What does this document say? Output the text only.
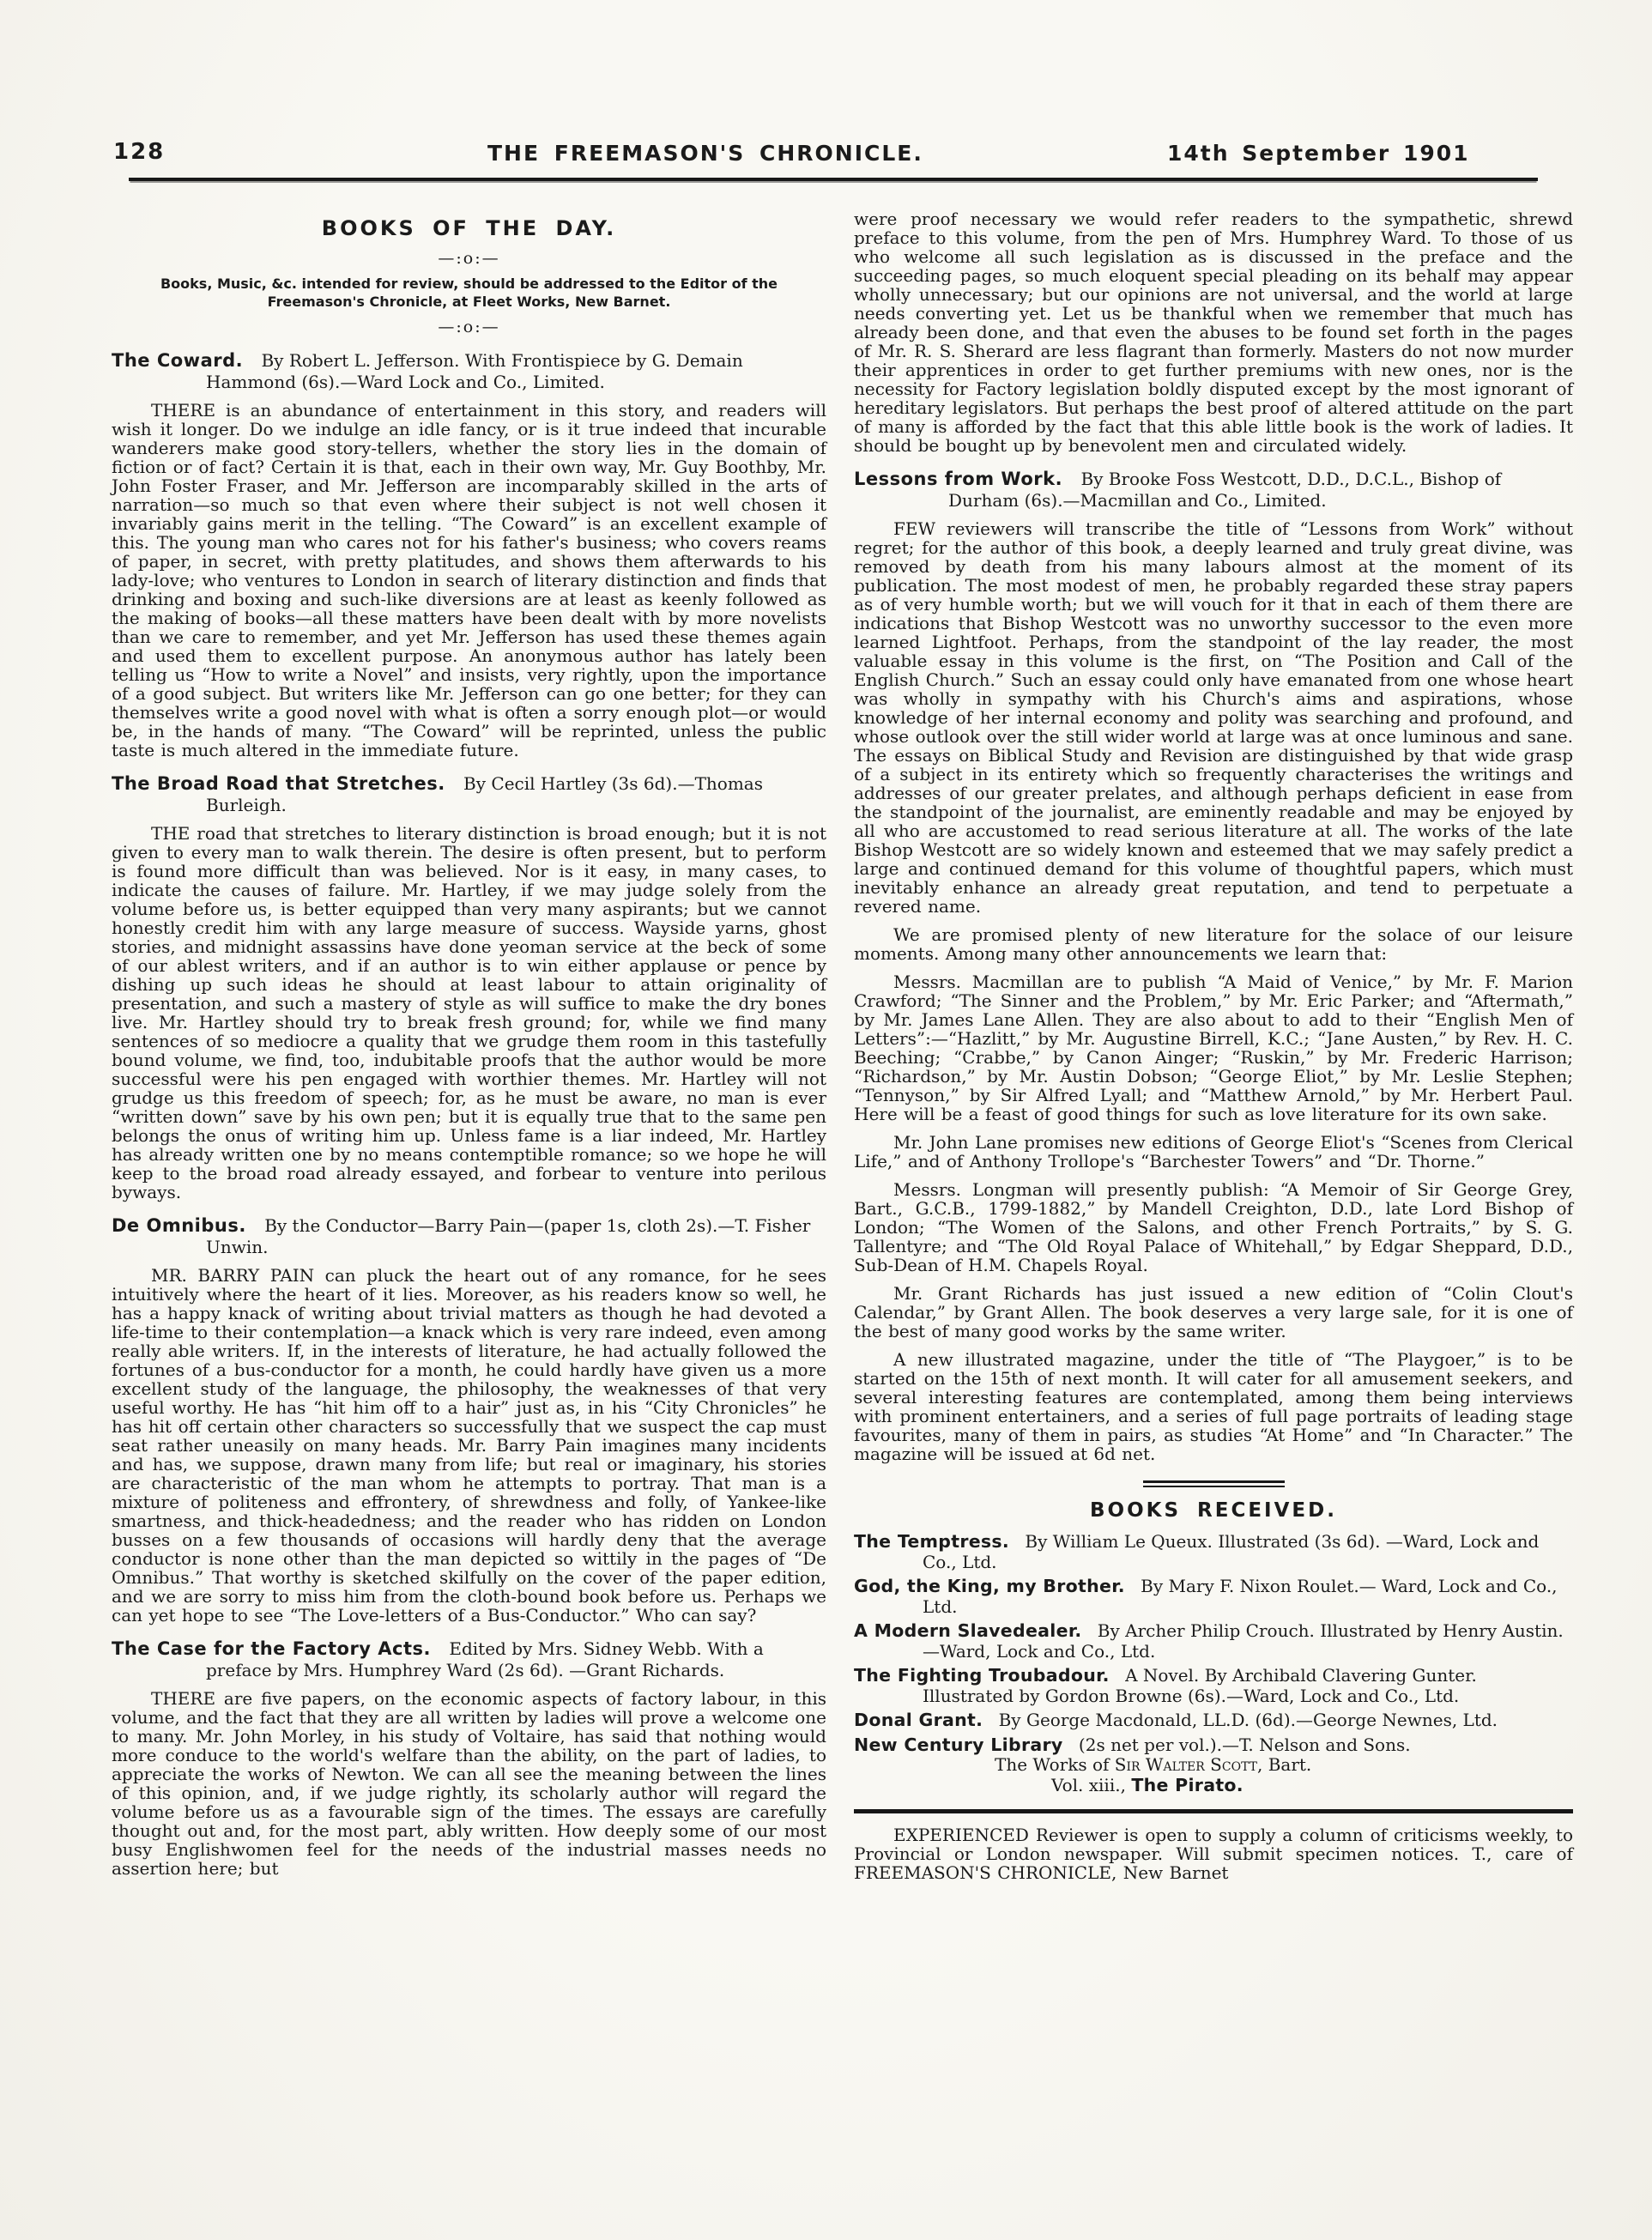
128	THE FREEMASON'S CHRONICLE.	14th September 1901
BOOKS OF THE DAY.
—:o:—
Books, Music, &c. intended for review, should be addressed to the Editor of the
Freemason's Chronicle, at Fleet Works, New Barnet.
—:o:—

The Coward. By Robert L. Jefferson. With Frontispiece by G. Demain Hammond (6s).—Ward Lock and Co., Limited.

THERE is an abundance of entertainment in this story, and readers will wish it longer. Do we indulge an idle fancy, or is it true indeed that incurable wanderers make good story-tellers, whether the story lies in the domain of fiction or of fact? Certain it is that, each in their own way, Mr. Guy Boothby, Mr. John Foster Fraser, and Mr. Jefferson are incomparably skilled in the arts of narration—so much so that even where their subject is not well chosen it invariably gains merit in the telling. “The Coward” is an excellent example of this. The young man who cares not for his father's business; who covers reams of paper, in secret, with pretty platitudes, and shows them afterwards to his lady-love; who ventures to London in search of literary distinction and finds that drinking and boxing and such-like diversions are at least as keenly followed as the making of books—all these matters have been dealt with by more novelists than we care to remember, and yet Mr. Jefferson has used these themes again and used them to excellent purpose. An anonymous author has lately been telling us “How to write a Novel” and insists, very rightly, upon the importance of a good subject. But writers like Mr. Jefferson can go one better; for they can themselves write a good novel with what is often a sorry enough plot—or would be, in the hands of many. “The Coward” will be reprinted, unless the public taste is much altered in the immediate future.

The Broad Road that Stretches. By Cecil Hartley (3s 6d).—Thomas Burleigh.

THE road that stretches to literary distinction is broad enough; but it is not given to every man to walk therein. The desire is often present, but to perform is found more difficult than was believed. Nor is it easy, in many cases, to indicate the causes of failure. Mr. Hartley, if we may judge solely from the volume before us, is better equipped than very many aspirants; but we cannot honestly credit him with any large measure of success. Wayside yarns, ghost stories, and midnight assassins have done yeoman service at the beck of some of our ablest writers, and if an author is to win either applause or pence by dishing up such ideas he should at least labour to attain originality of presentation, and such a mastery of style as will suffice to make the dry bones live. Mr. Hartley should try to break fresh ground; for, while we find many sentences of so mediocre a quality that we grudge them room in this tastefully bound volume, we find, too, indubitable proofs that the author would be more successful were his pen engaged with worthier themes. Mr. Hartley will not grudge us this freedom of speech; for, as he must be aware, no man is ever “written down” save by his own pen; but it is equally true that to the same pen belongs the onus of writing him up. Unless fame is a liar indeed, Mr. Hartley has already written one by no means contemptible romance; so we hope he will keep to the broad road already essayed, and forbear to venture into perilous byways.

De Omnibus. By the Conductor—Barry Pain—(paper 1s, cloth 2s).—T. Fisher Unwin.

MR. BARRY PAIN can pluck the heart out of any romance, for he sees intuitively where the heart of it lies. Moreover, as his readers know so well, he has a happy knack of writing about trivial matters as though he had devoted a life-time to their contemplation—a knack which is very rare indeed, even among really able writers. If, in the interests of literature, he had actually followed the fortunes of a bus-conductor for a month, he could hardly have given us a more excellent study of the language, the philosophy, the weaknesses of that very useful worthy. He has “hit him off to a hair” just as, in his “City Chronicles” he has hit off certain other characters so successfully that we suspect the cap must seat rather uneasily on many heads. Mr. Barry Pain imagines many incidents and has, we suppose, drawn many from life; but real or imaginary, his stories are characteristic of the man whom he attempts to portray. That man is a mixture of politeness and effrontery, of shrewdness and folly, of Yankee-like smartness, and thick-headedness; and the reader who has ridden on London busses on a few thousands of occasions will hardly deny that the average conductor is none other than the man depicted so wittily in the pages of “De Omnibus.” That worthy is sketched skilfully on the cover of the paper edition, and we are sorry to miss him from the cloth-bound book before us. Perhaps we can yet hope to see “The Love-letters of a Bus-Conductor.” Who can say?

The Case for the Factory Acts. Edited by Mrs. Sidney Webb. With a preface by Mrs. Humphrey Ward (2s 6d). —Grant Richards.

THERE are five papers, on the economic aspects of factory labour, in this volume, and the fact that they are all written by ladies will prove a welcome one to many. Mr. John Morley, in his study of Voltaire, has said that nothing would more conduce to the world's welfare than the ability, on the part of ladies, to appreciate the works of Newton. We can all see the meaning between the lines of this opinion, and, if we judge rightly, its scholarly author will regard the volume before us as a favourable sign of the times. The essays are carefully thought out and, for the most part, ably written. How deeply some of our most busy Englishwomen feel for the needs of the industrial masses needs no assertion here; but

were proof necessary we would refer readers to the sympathetic, shrewd preface to this volume, from the pen of Mrs. Humphrey Ward. To those of us who welcome all such legislation as is discussed in the preface and the succeeding pages, so much eloquent special pleading on its behalf may appear wholly unnecessary; but our opinions are not universal, and the world at large needs converting yet. Let us be thankful when we remember that much has already been done, and that even the abuses to be found set forth in the pages of Mr. R. S. Sherard are less flagrant than formerly. Masters do not now murder their apprentices in order to get further premiums with new ones, nor is the necessity for Factory legislation boldly disputed except by the most ignorant of hereditary legislators. But perhaps the best proof of altered attitude on the part of many is afforded by the fact that this able little book is the work of ladies. It should be bought up by benevolent men and circulated widely.

Lessons from Work. By Brooke Foss Westcott, D.D., D.C.L., Bishop of Durham (6s).—Macmillan and Co., Limited.

FEW reviewers will transcribe the title of “Lessons from Work” without regret; for the author of this book, a deeply learned and truly great divine, was removed by death from his many labours almost at the moment of its publication. The most modest of men, he probably regarded these stray papers as of very humble worth; but we will vouch for it that in each of them there are indications that Bishop Westcott was no unworthy successor to the even more learned Lightfoot. Perhaps, from the standpoint of the lay reader, the most valuable essay in this volume is the first, on “The Position and Call of the English Church.” Such an essay could only have emanated from one whose heart was wholly in sympathy with his Church's aims and aspirations, whose knowledge of her internal economy and polity was searching and profound, and whose outlook over the still wider world at large was at once luminous and sane. The essays on Biblical Study and Revision are distinguished by that wide grasp of a subject in its entirety which so frequently characterises the writings and addresses of our greater prelates, and although perhaps deficient in ease from the standpoint of the journalist, are eminently readable and may be enjoyed by all who are accustomed to read serious literature at all. The works of the late Bishop Westcott are so widely known and esteemed that we may safely predict a large and continued demand for this volume of thoughtful papers, which must inevitably enhance an already great reputation, and tend to perpetuate a revered name.

We are promised plenty of new literature for the solace of our leisure moments. Among many other announcements we learn that:

Messrs. Macmillan are to publish “A Maid of Venice,” by Mr. F. Marion Crawford; “The Sinner and the Problem,” by Mr. Eric Parker; and “Aftermath,” by Mr. James Lane Allen. They are also about to add to their “English Men of Letters”:—“Hazlitt,” by Mr. Augustine Birrell, K.C.; “Jane Austen,” by Rev. H. C. Beeching; “Crabbe,” by Canon Ainger; “Ruskin,” by Mr. Frederic Harrison; “Richardson,” by Mr. Austin Dobson; “George Eliot,” by Mr. Leslie Stephen; “Tennyson,” by Sir Alfred Lyall; and “Matthew Arnold,” by Mr. Herbert Paul. Here will be a feast of good things for such as love literature for its own sake.

Mr. John Lane promises new editions of George Eliot's “Scenes from Clerical Life,” and of Anthony Trollope's “Barchester Towers” and “Dr. Thorne.”

Messrs. Longman will presently publish: “A Memoir of Sir George Grey, Bart., G.C.B., 1799-1882,” by Mandell Creighton, D.D., late Lord Bishop of London; “The Women of the Salons, and other French Portraits,” by S. G. Tallentyre; and “The Old Royal Palace of Whitehall,” by Edgar Sheppard, D.D., Sub-Dean of H.M. Chapels Royal.

Mr. Grant Richards has just issued a new edition of “Colin Clout's Calendar,” by Grant Allen. The book deserves a very large sale, for it is one of the best of many good works by the same writer.

A new illustrated magazine, under the title of “The Playgoer,” is to be started on the 15th of next month. It will cater for all amusement seekers, and several interesting features are contemplated, among them being interviews with prominent entertainers, and a series of full page portraits of leading stage favourites, many of them in pairs, as studies “At Home” and “In Character.” The magazine will be issued at 6d net.

BOOKS RECEIVED.
The Temptress. By William Le Queux. Illustrated (3s 6d). —Ward, Lock and Co., Ltd.
God, the King, my Brother. By Mary F. Nixon Roulet.— Ward, Lock and Co., Ltd.
A Modern Slavedealer. By Archer Philip Crouch. Illustrated by Henry Austin.—Ward, Lock and Co., Ltd.
The Fighting Troubadour. A Novel. By Archibald Clavering Gunter. Illustrated by Gordon Browne (6s).—Ward, Lock and Co., Ltd.
Donal Grant. By George Macdonald, LL.D. (6d).—George Newnes, Ltd.
New Century Library (2s net per vol.).—T. Nelson and Sons.
The Works of Sir Walter Scott, Bart.
Vol. xiii., The Pirato.

EXPERIENCED Reviewer is open to supply a column of criticisms weekly, to Provincial or London newspaper. Will submit specimen notices. T., care of FREEMASON'S CHRONICLE, New Barnet
